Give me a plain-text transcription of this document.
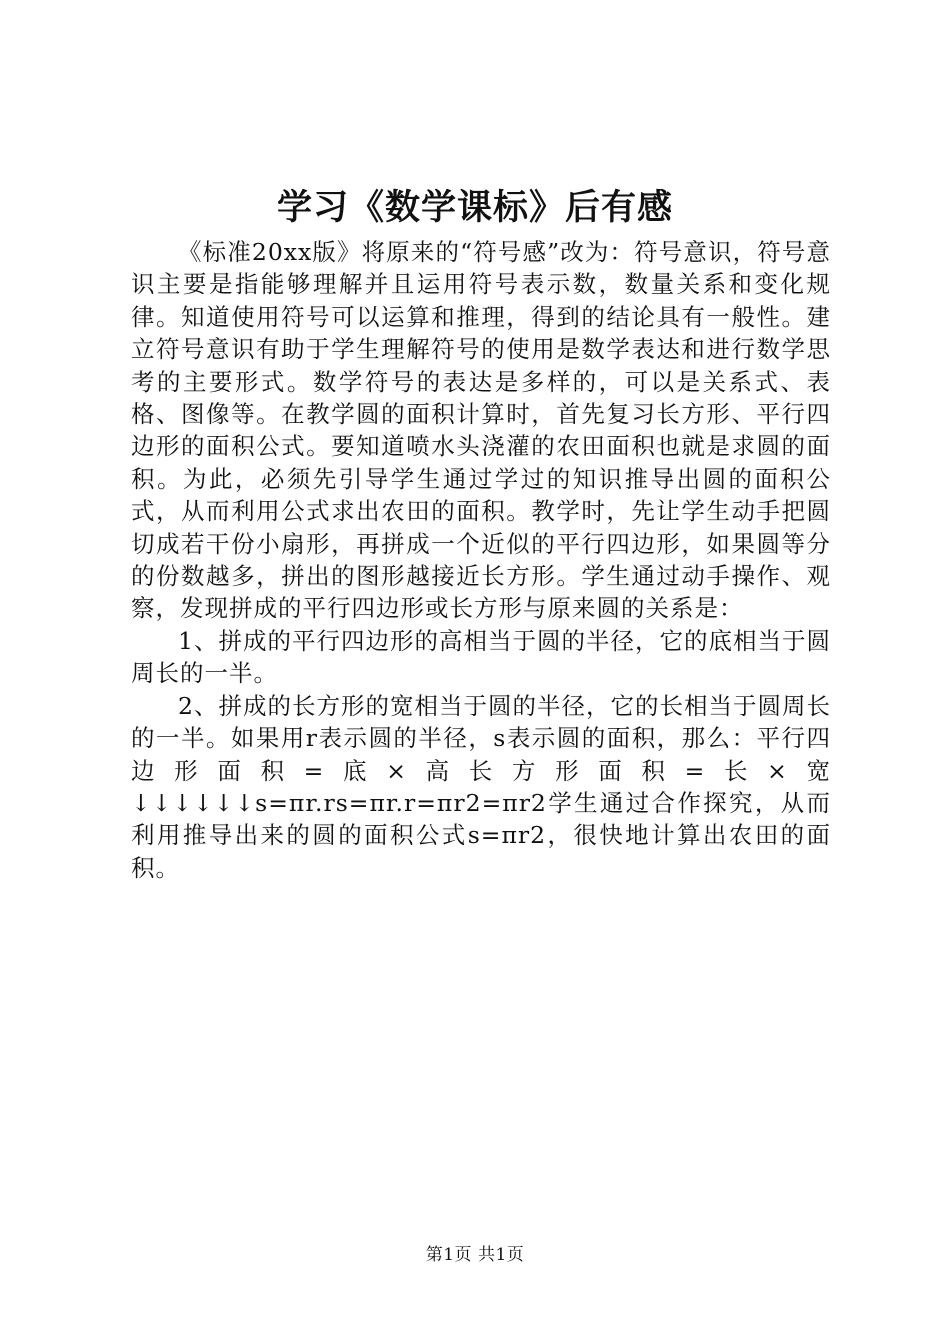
学习《数学课标》后有感

《标准20xx版》将原来的“符号感”改为：符号意识，符号意识主要是指能够理解并且运用符号表示数，数量关系和变化规律。知道使用符号可以运算和推理，得到的结论具有一般性。建立符号意识有助于学生理解符号的使用是数学表达和进行数学思考的主要形式。数学符号的表达是多样的，可以是关系式、表格、图像等。在教学圆的面积计算时，首先复习长方形、平行四边形的面积公式。要知道喷水头浇灌的农田面积也就是求圆的面积。为此，必须先引导学生通过学过的知识推导出圆的面积公式，从而利用公式求出农田的面积。教学时，先让学生动手把圆切成若干份小扇形，再拼成一个近似的平行四边形，如果圆等分的份数越多，拼出的图形越接近长方形。学生通过动手操作、观察，发现拼成的平行四边形或长方形与原来圆的关系是：

1、拼成的平行四边形的高相当于圆的半径，它的底相当于圆周长的一半。

2、拼成的长方形的宽相当于圆的半径，它的长相当于圆周长的一半。如果用r表示圆的半径，s表示圆的面积，那么：平行四边形面积=底×高长方形面积=长×宽↓↓↓↓↓↓s=πr.rs=πr.r=πr2=πr2学生通过合作探究，从而利用推导出来的圆的面积公式s=πr2，很快地计算出农田的面积。

第1页 共1页
